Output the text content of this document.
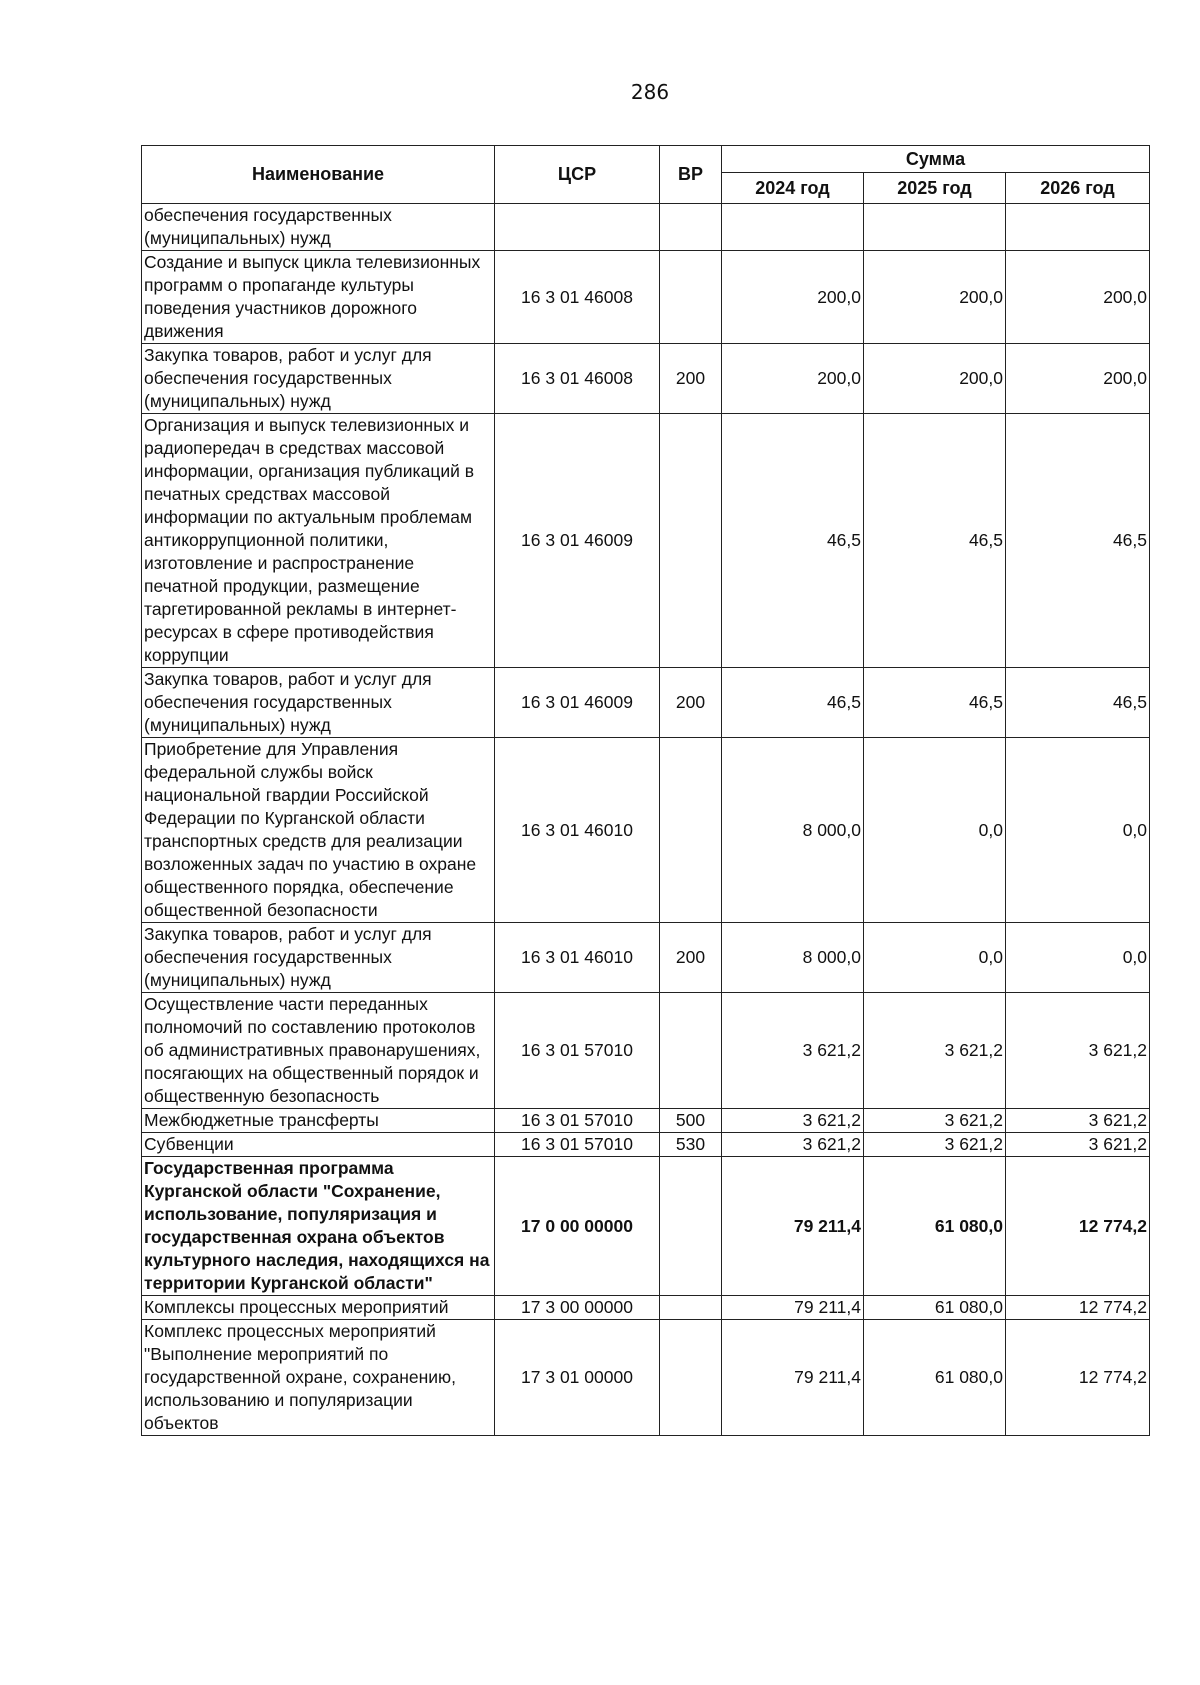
286
Наименование	ЦСР	ВР	Сумма		
			2024 год	2025 год	2026 год
обеспечения государственных (муниципальных) нужд					
Создание и выпуск цикла телевизионных программ о пропаганде культуры поведения участников дорожного движения	16 3 01 46008		200,0	200,0	200,0
Закупка товаров, работ и услуг для обеспечения государственных (муниципальных) нужд	16 3 01 46008	200	200,0	200,0	200,0
Организация и выпуск телевизионных и радиопередач в средствах массовой информации, организация публикаций в печатных средствах массовой информации по актуальным проблемам антикоррупционной политики, изготовление и распространение печатной продукции, размещение таргетированной рекламы в интернет-ресурсах в сфере противодействия коррупции	16 3 01 46009		46,5	46,5	46,5
Закупка товаров, работ и услуг для обеспечения государственных (муниципальных) нужд	16 3 01 46009	200	46,5	46,5	46,5
Приобретение для Управления федеральной службы войск национальной гвардии Российской Федерации по Курганской области транспортных средств для реализации возложенных задач по участию в охране общественного порядка, обеспечение общественной безопасности	16 3 01 46010		8 000,0	0,0	0,0
Закупка товаров, работ и услуг для обеспечения государственных (муниципальных) нужд	16 3 01 46010	200	8 000,0	0,0	0,0
Осуществление части переданных полномочий по составлению протоколов об административных правонарушениях, посягающих на общественный порядок и общественную безопасность	16 3 01 57010		3 621,2	3 621,2	3 621,2
Межбюджетные трансферты	16 3 01 57010	500	3 621,2	3 621,2	3 621,2
Субвенции	16 3 01 57010	530	3 621,2	3 621,2	3 621,2
Государственная программа Курганской области "Сохранение, использование, популяризация и государственная охрана объектов культурного наследия, находящихся на территории Курганской области"	17 0 00 00000		79 211,4	61 080,0	12 774,2
Комплексы процессных мероприятий	17 3 00 00000		79 211,4	61 080,0	12 774,2
Комплекс процессных мероприятий "Выполнение мероприятий по государственной охране, сохранению, использованию и популяризации объектов	17 3 01 00000		79 211,4	61 080,0	12 774,2
